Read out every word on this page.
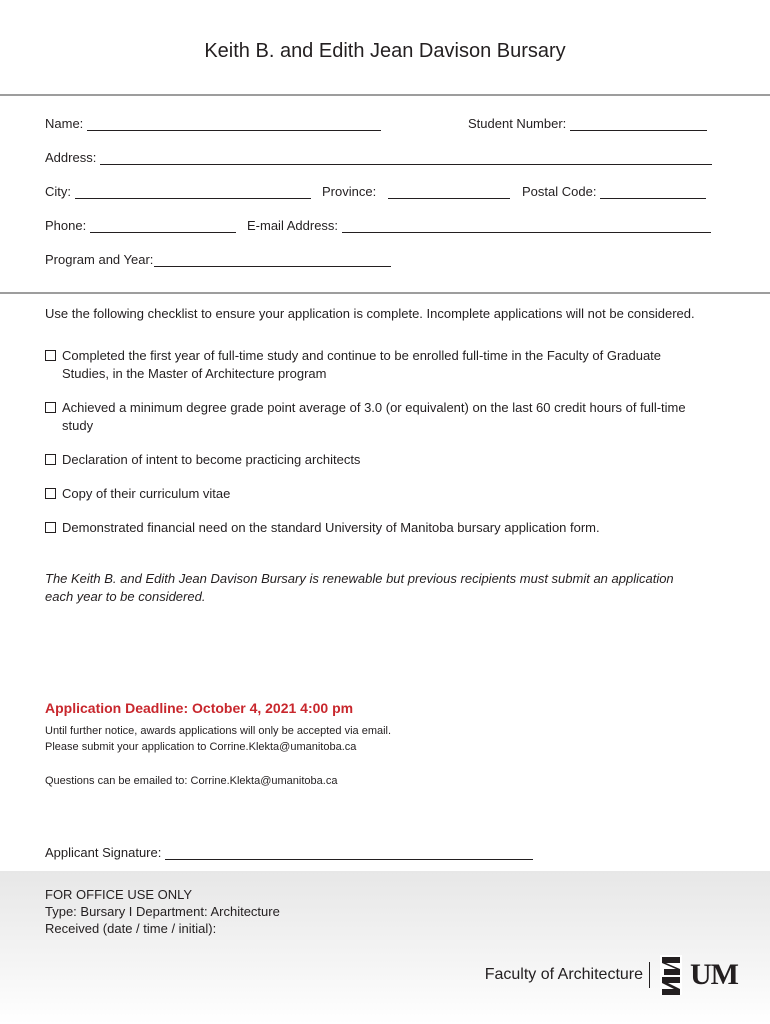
Keith B. and Edith Jean Davison Bursary
Name:	Student Number:
Address:
City:	Province:	Postal Code:
Phone:	E-mail Address:
Program and Year:
Use the following checklist to ensure your application is complete. Incomplete applications will not be considered.
Completed the first year of full-time study and continue to be enrolled full-time in the Faculty of Graduate Studies, in the Master of Architecture program
Achieved a minimum degree grade point average of 3.0 (or equivalent) on the last 60 credit hours of full-time study
Declaration of intent to become practicing architects
Copy of their curriculum vitae
Demonstrated financial need on the standard University of Manitoba bursary application form.
The Keith B. and Edith Jean Davison Bursary is renewable but previous recipients must submit an application each year to be considered.
Application Deadline: October 4, 2021 4:00 pm
Until further notice, awards applications will only be accepted via email.
Please submit your application to Corrine.Klekta@umanitoba.ca
Questions can be emailed to: Corrine.Klekta@umanitoba.ca
Applicant Signature:
FOR OFFICE USE ONLY
Type: Bursary I Department: Architecture
Received (date / time / initial):
Faculty of Architecture UM
